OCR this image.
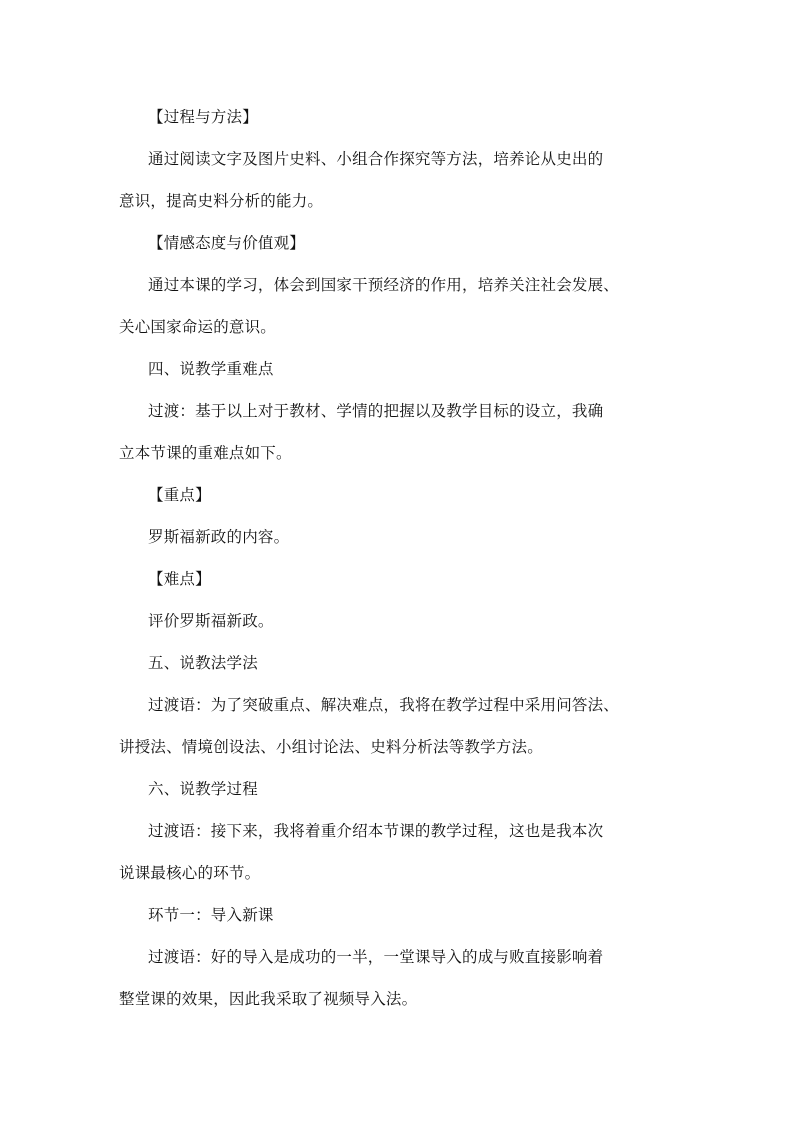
【过程与方法】
通过阅读文字及图片史料、小组合作探究等方法，培养论从史出的
意识，提高史料分析的能力。
【情感态度与价值观】
通过本课的学习，体会到国家干预经济的作用，培养关注社会发展、
关心国家命运的意识。
四、说教学重难点
过渡：基于以上对于教材、学情的把握以及教学目标的设立，我确
立本节课的重难点如下。
【重点】
罗斯福新政的内容。
【难点】
评价罗斯福新政。
五、说教法学法
过渡语：为了突破重点、解决难点，我将在教学过程中采用问答法、
讲授法、情境创设法、小组讨论法、史料分析法等教学方法。
六、说教学过程
过渡语：接下来，我将着重介绍本节课的教学过程，这也是我本次
说课最核心的环节。
环节一：导入新课
过渡语：好的导入是成功的一半，一堂课导入的成与败直接影响着
整堂课的效果，因此我采取了视频导入法。
